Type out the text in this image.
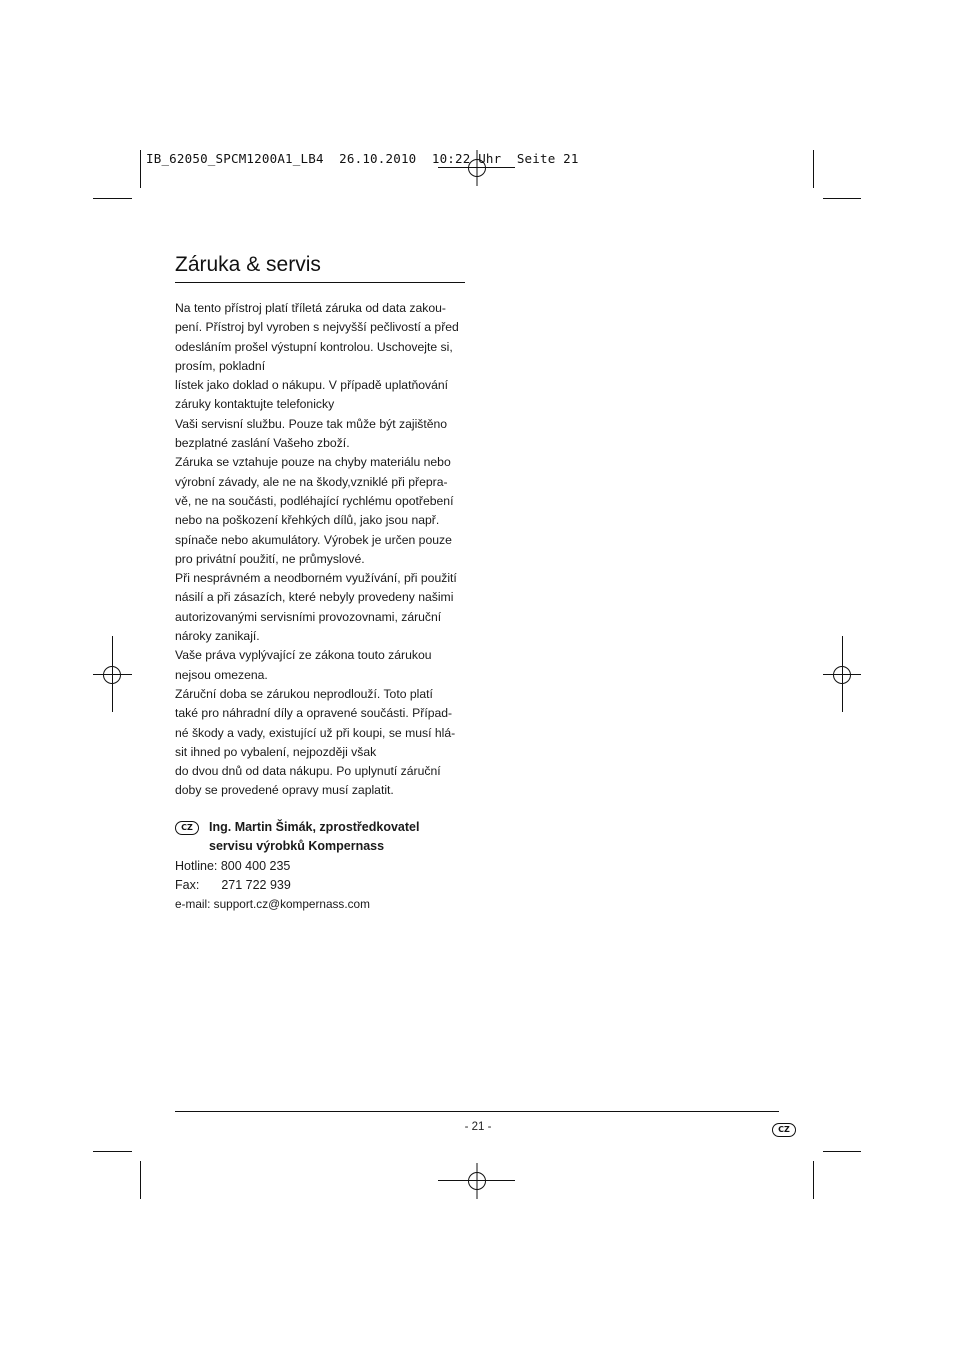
IB_62050_SPCM1200A1_LB4  26.10.2010  10:22 Uhr  Seite 21
Záruka & servis
Na tento přístroj platí tříletá záruka od data zakou-
pení. Přístroj byl vyroben s nejvyšší pečlivostí a před
odesláním prošel výstupní kontrolou. Uschovejte si,
prosím, pokladní
lístek jako doklad o nákupu. V případě uplatňování
záruky kontaktujte telefonicky
Vaši servisní službu. Pouze tak může být zajištěno
bezplatné zaslání Vašeho zboží.
Záruka se vztahuje pouze na chyby materiálu nebo
výrobní závady, ale ne na škody,vzniklé při přepra-
vě, ne na součásti, podléhající rychlému opotřebení
nebo na poškození křehkých dílů, jako jsou např.
spínače nebo akumulátory. Výrobek je určen pouze
pro privátní použití, ne průmyslové.
Při nesprávném a neodborném využívání, při použití
násilí a při zásazích, které nebyly provedeny našimi
autorizovanými servisními provozovnami, záruční
nároky zanikají.
Vaše práva vyplývající ze zákona touto zárukou
nejsou omezena.
Záruční doba se zárukou neprodlouží. Toto platí
také pro náhradní díly a opravené součásti. Případ-
né škody a vady, existující už při koupi, se musí hlá-
sit ihned po vybalení, nejpozději však
do dvou dnů od data nákupu. Po uplynutí záruční
doby se provedené opravy musí zaplatit.
CZ	Ing. Martin Šimák, zprostředkovatel
servisu výrobků Kompernass
Hotline: 800 400 235
Fax: 271 722 939
e-mail: support.cz@kompernass.com
- 21 -	CZ
